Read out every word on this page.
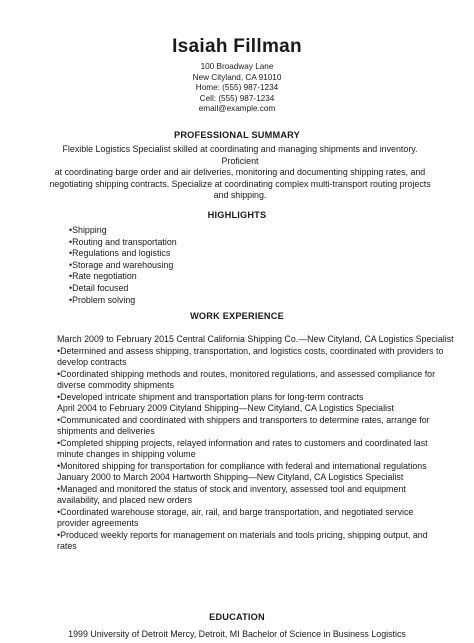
Isaiah Fillman
100 Broadway Lane
New Cityland, CA 91010
Home: (555) 987-1234
Cell: (555) 987-1234
email@example.com
PROFESSIONAL SUMMARY
Flexible Logistics Specialist skilled at coordinating and managing shipments and inventory. Proficient
at coordinating barge order and air deliveries, monitoring and documenting shipping rates, and
negotiating shipping contracts. Specialize at coordinating complex multi-transport routing projects
and shipping.
HIGHLIGHTS
•Shipping
•Routing and transportation
•Regulations and logistics
•Storage and warehousing
•Rate negotiation
•Detail focused
•Problem solving
WORK EXPERIENCE
March 2009 to February 2015 Central California Shipping Co.—New Cityland, CA Logistics Specialist
•Determined and assess shipping, transportation, and logistics costs, coordinated with providers to
develop contracts
•Coordinated shipping methods and routes, monitored regulations, and assessed compliance for
diverse commodity shipments
•Developed intricate shipment and transportation plans for long-term contracts
April 2004 to February 2009 Cityland Shipping—New Cityland, CA Logistics Specialist
•Communicated and coordinated with shippers and transporters to determine rates, arrange for
shipments and deliveries
•Completed shipping projects, relayed information and rates to customers and coordinated last
minute changes in shipping volume
•Monitored shipping for transportation for compliance with federal and international regulations
January 2000 to March 2004 Hartworth Shipping—New Cityland, CA Logistics Specialist
•Managed and monitored the status of stock and inventory, assessed tool and equipment
availability, and placed new orders
•Coordinated warehouse storage, air, rail, and barge transportation, and negotiated service
provider agreements
•Produced weekly reports for management on materials and tools pricing, shipping output, and
rates
EDUCATION
1999 University of Detroit Mercy, Detroit, MI Bachelor of Science in Business Logistics
